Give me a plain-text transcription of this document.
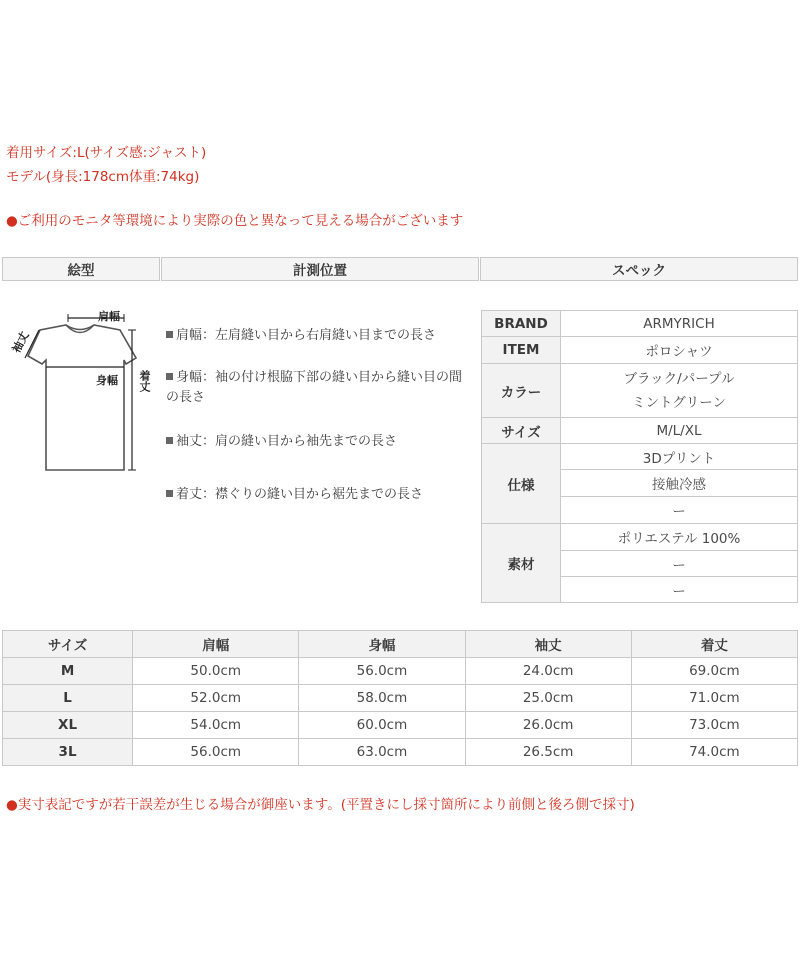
着用サイズ:L(サイズ感:ジャスト)
モデル(身長:178cm体重:74kg)
●ご利用のモニタ等環境により実際の色と異なって見える場合がございます
絵型	計測位置	スペック
肩幅
袖丈
身幅 着丈
肩幅：左肩縫い目から右肩縫い目までの長さ
身幅：袖の付け根脇下部の縫い目から縫い目の間の長さ
袖丈：肩の縫い目から袖先までの長さ
着丈：襟ぐりの縫い目から裾先までの長さ
BRAND	ARMYRICH
ITEM	ポロシャツ
カラー	ブラック/パープル
ミントグリーン

サイズ	M/L/XL
仕様	3Dプリント
	接触冷感
	ー
素材	ポリエステル 100%
	ー
	ー
サイズ	肩幅	身幅	袖丈	着丈
M	50.0cm	56.0cm	24.0cm	69.0cm
L	52.0cm	58.0cm	25.0cm	71.0cm
XL	54.0cm	60.0cm	26.0cm	73.0cm
3L	56.0cm	63.0cm	26.5cm	74.0cm
●実寸表記ですが若干誤差が生じる場合が御座います。(平置きにし採寸箇所により前側と後ろ側で採寸)
